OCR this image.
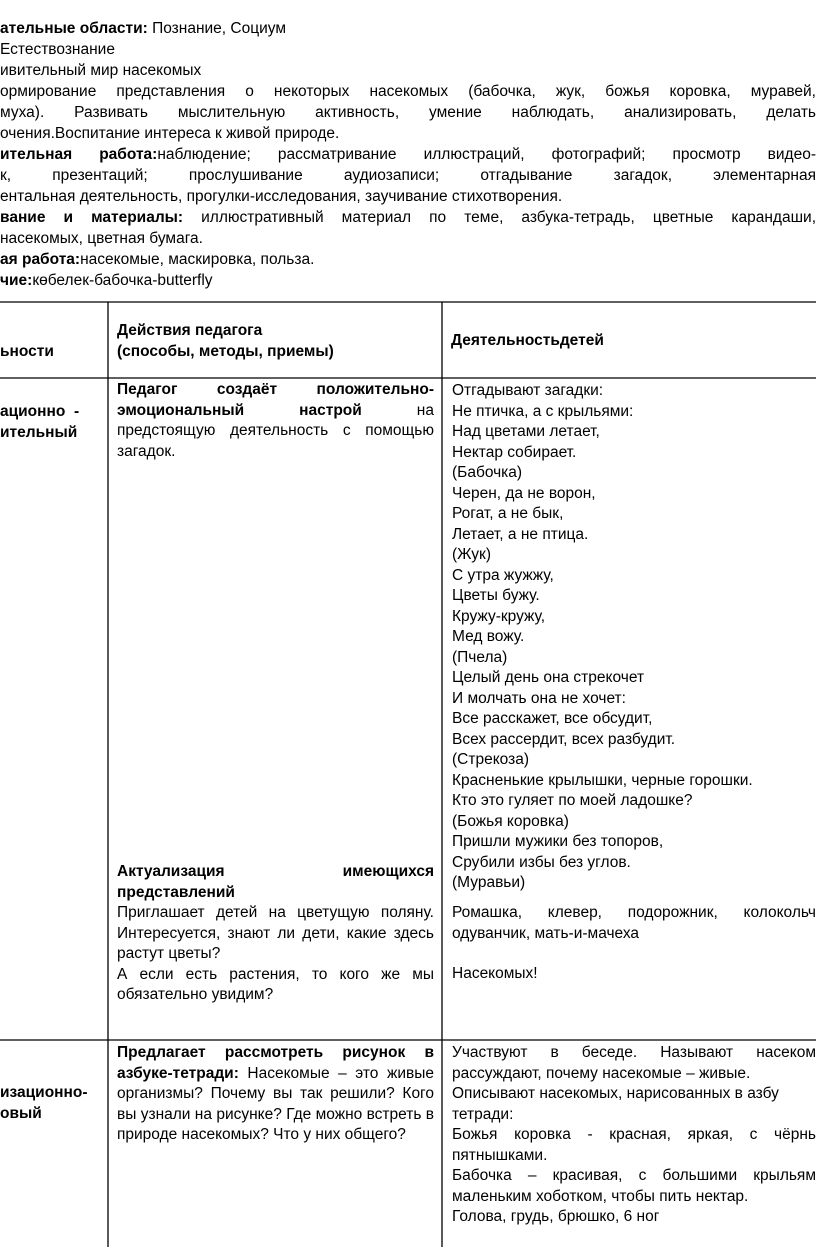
ательные области: Познание, Социум

Естествознание

ивительный мир насекомых

ормирование представления о некоторых насекомых (бабочка, жук, божья коровка, муравей,

муха). Развивать мыслительную активность, умение наблюдать, анализировать, делать

очения.Воспитание интереса к живой природе.

ительная работа:наблюдение; рассматривание иллюстраций, фотографий; просмотр видео-

к, презентаций; прослушивание аудиозаписи; отгадывание загадок, элементарная

ентальная деятельность, прогулки-исследования, заучивание стихотворения.

вание и материалы: иллюстративный материал по теме, азбука-тетрадь, цветные карандаши,

насекомых, цветная бумага.

ая работа:насекомые, маскировка, польза.

чие:көбелек-бабочка-butterfly

ьности

Действия педагога

(способы, методы, приемы)

Деятельностьдетей

ационно  -

ительный

Педагог создаёт положительно-эмоциональный настрой на предстоящую деятельность с помощью загадок.

Актуализация имеющихся представлений

Приглашает детей на цветущую поляну. Интересуется, знают ли дети, какие здесь растут цветы?

А если есть растения, то кого же мы обязательно увидим?

Отгадывают загадки:

Не птичка, а с крыльями:

Над цветами летает,

Нектар собирает.

(Бабочка)

Черен, да не ворон,

Рогат, а не бык,

Летает, а не птица.

(Жук)

С утра жужжу,

Цветы бужу.

Кружу-кружу,

Мед вожу.

(Пчела)

Целый день она стрекочет

И молчать она не хочет:

Все расскажет, все обсудит,

Всех рассердит, всех разбудит.

(Стрекоза)

Красненькие крылышки, черные горошки.

Кто это гуляет по моей ладошке?

(Божья коровка)

Пришли мужики без топоров,

Срубили избы без углов.

(Муравьи)

Ромашка, клевер, подорожник, колокольч

одуванчик, мать-и-мачеха

Насекомых!

изационно-

овый

Предлагает рассмотреть рисунок в азбуке-тетради: Насекомые – это живые организмы? Почему вы так решили? Кого вы узнали на рисунке? Где можно встреть в природе насекомых? Что у них общего?

Участвуют в беседе. Называют насеком

рассуждают, почему насекомые – живые.

Описывают насекомых, нарисованных в азбу

тетради:

Божья коровка - красная, яркая, с чёрнь

пятнышками.

Бабочка – красивая, с большими крыльям

маленьким хоботком, чтобы пить нектар.

Голова, грудь, брюшко, 6 ног
